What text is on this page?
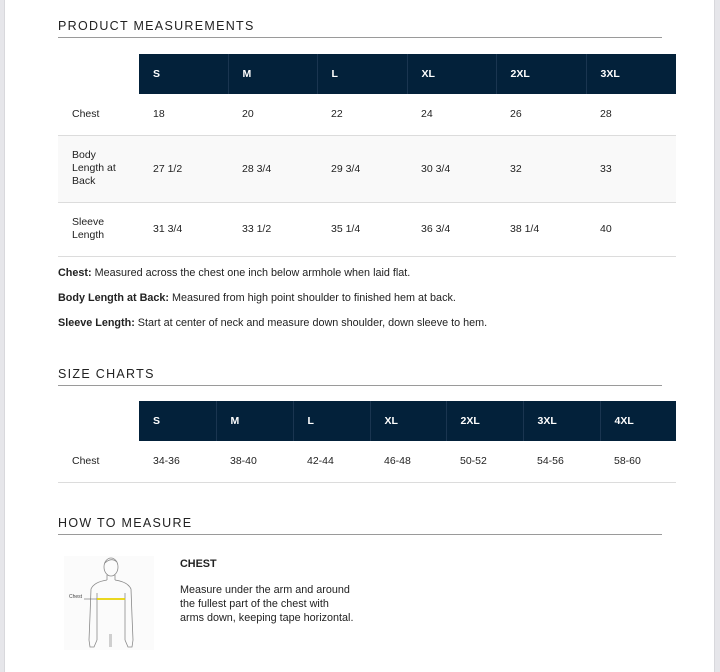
PRODUCT MEASUREMENTS
	S	M	L	XL	2XL	3XL
Chest	18	20	22	24	26	28
Body Length at Back	27 1/2	28 3/4	29 3/4	30 3/4	32	33
Sleeve Length	31 3/4	33 1/2	35 1/4	36 3/4	38 1/4	40

Chest: Measured across the chest one inch below armhole when laid flat.

Body Length at Back: Measured from high point shoulder to finished hem at back.

Sleeve Length: Start at center of neck and measure down shoulder, down sleeve to hem.

SIZE CHARTS
	S	M	L	XL	2XL	3XL	4XL
Chest	34-36	38-40	42-44	46-48	50-52	54-56	58-60
HOW TO MEASURE
Chest
CHEST
Measure under the arm and around the fullest part of the chest with arms down, keeping tape horizontal.
